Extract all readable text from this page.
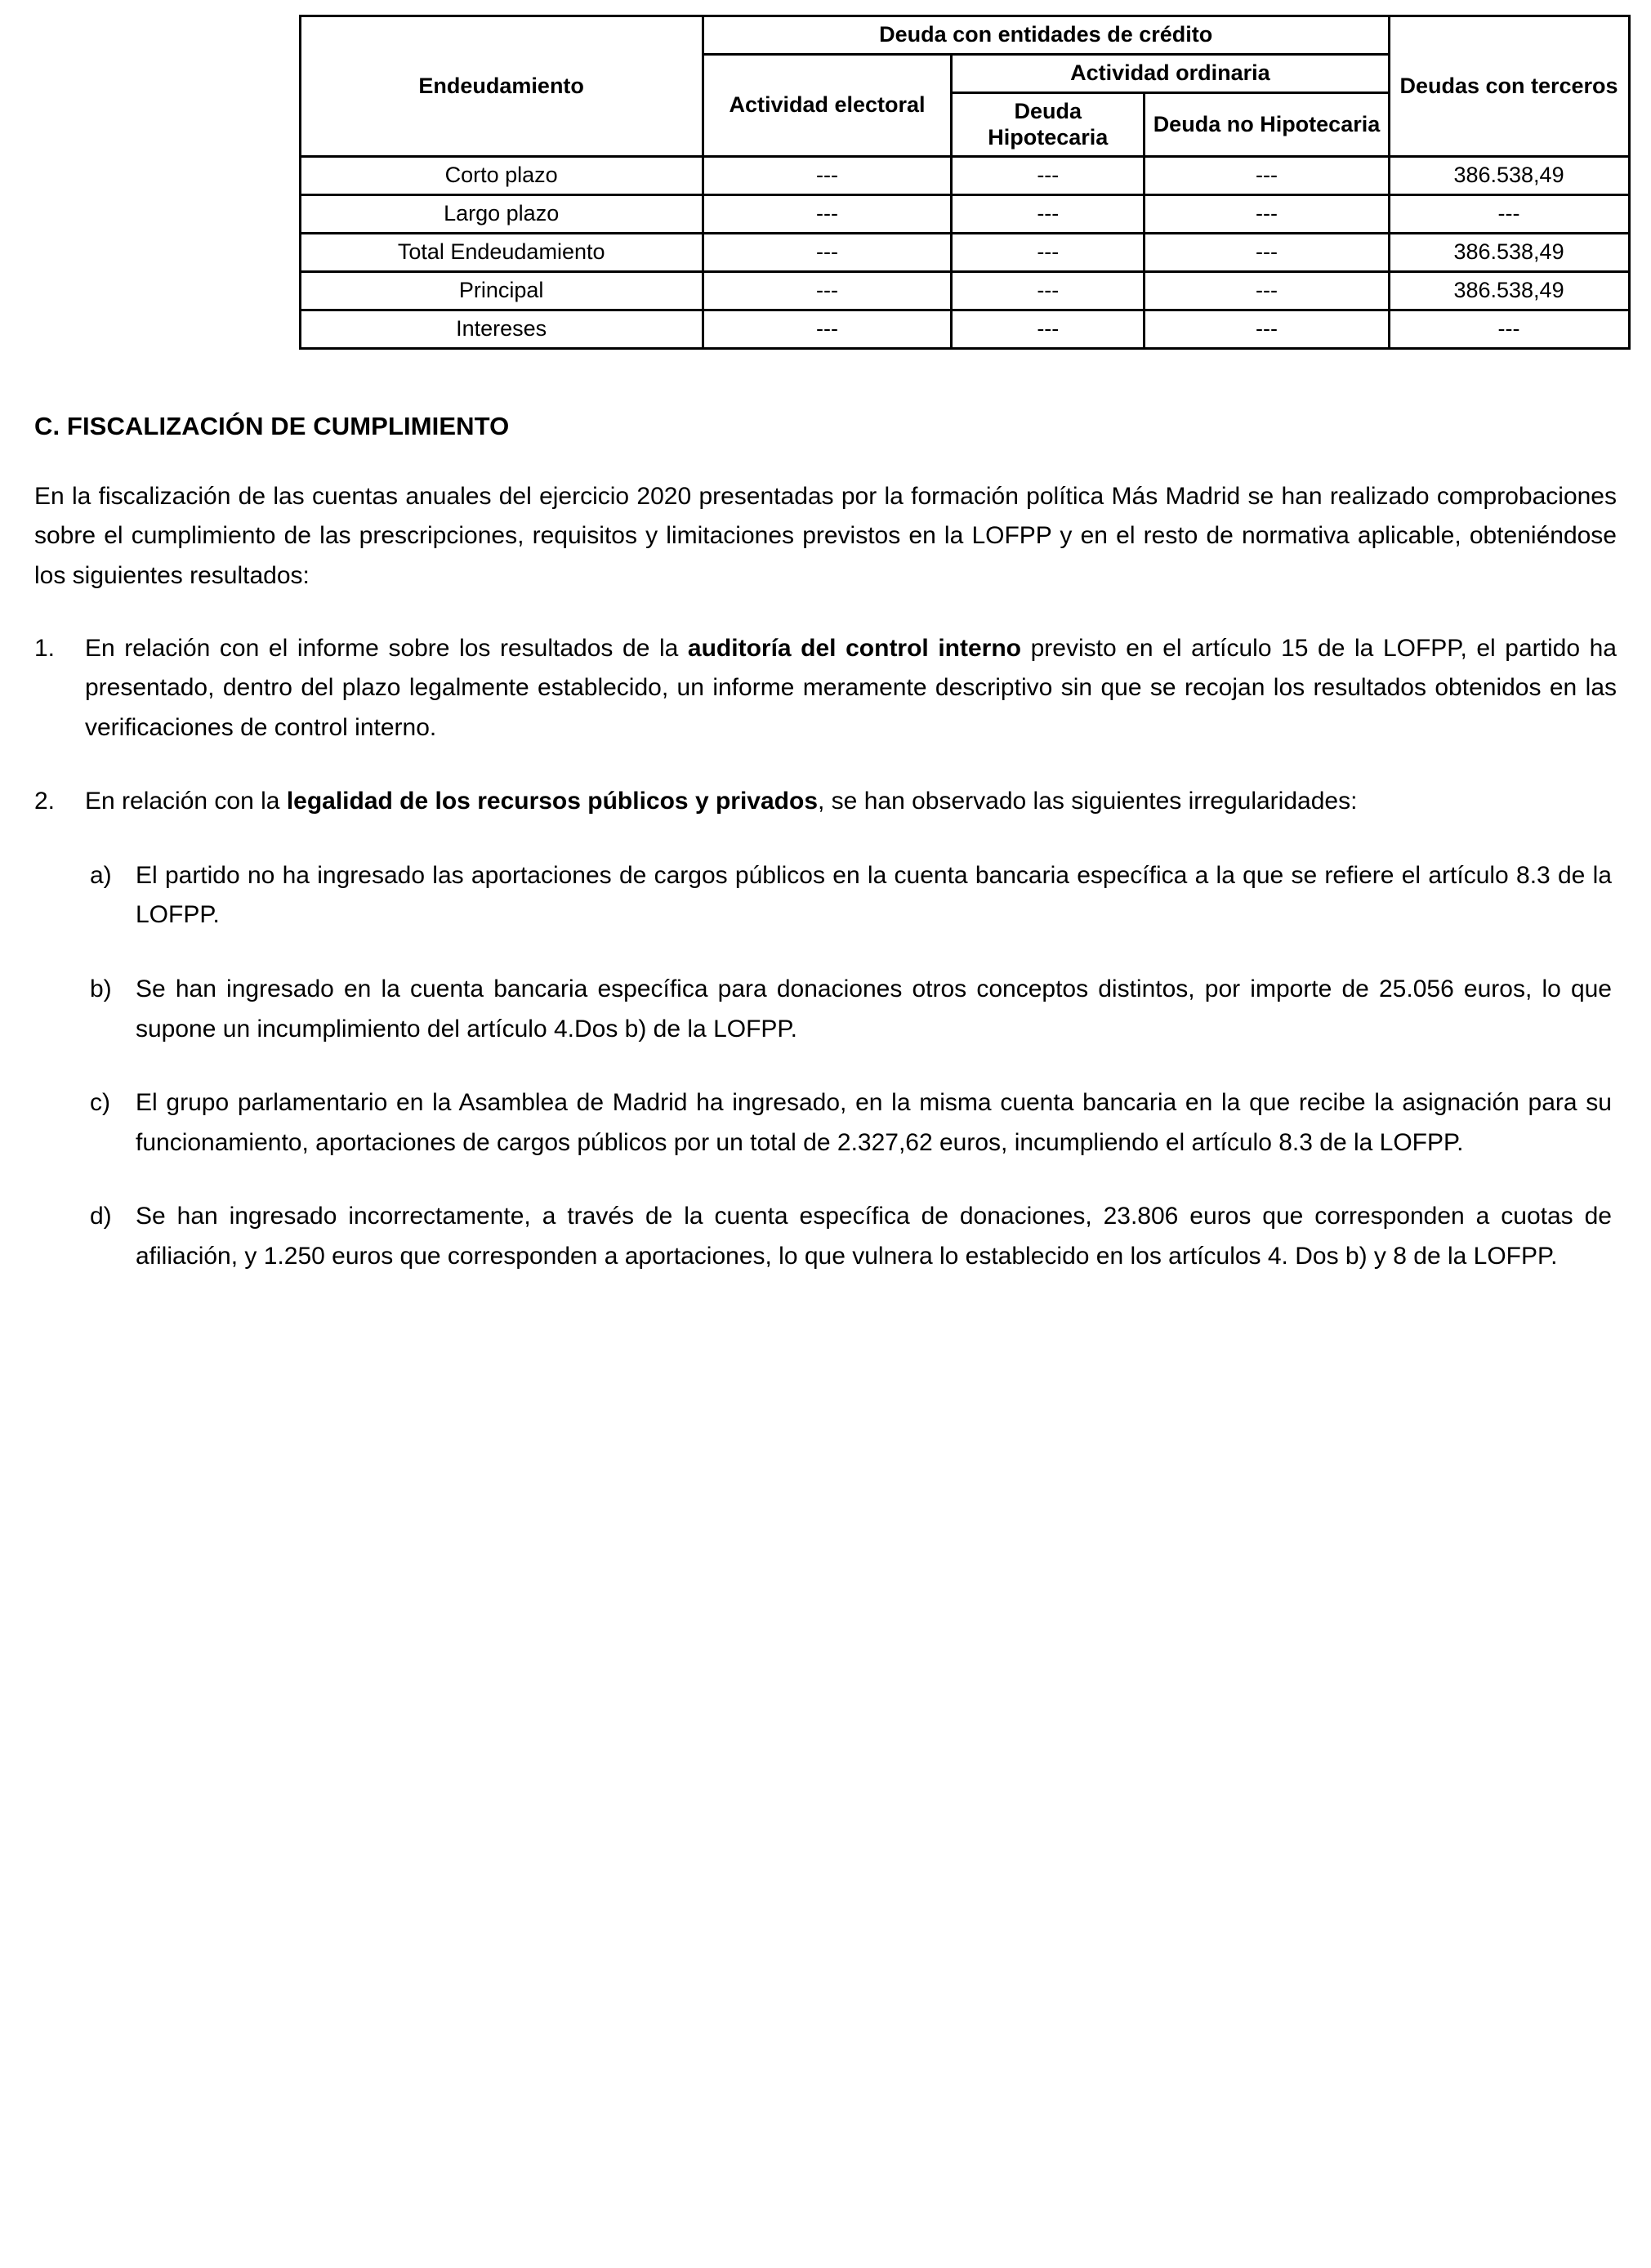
Endeudamiento	Deuda con entidades de crédito			Deudas con terceros
	Actividad electoral	Actividad ordinaria		
		Deuda Hipotecaria	Deuda no Hipotecaria	
Corto plazo	---	---	---	386.538,49
Largo plazo	---	---	---	---
Total Endeudamiento	---	---	---	386.538,49
Principal	---	---	---	386.538,49
Intereses	---	---	---	---
C. FISCALIZACIÓN DE CUMPLIMIENTO

En la fiscalización de las cuentas anuales del ejercicio 2020 presentadas por la formación política Más Madrid se han realizado comprobaciones sobre el cumplimiento de las prescripciones, requisitos y limitaciones previstos en la LOFPP y en el resto de normativa aplicable, obteniéndose los siguientes resultados:

1.	En relación con el informe sobre los resultados de la auditoría del control interno previsto en el artículo 15 de la LOFPP, el partido ha presentado, dentro del plazo legalmente establecido, un informe meramente descriptivo sin que se recojan los resultados obtenidos en las verificaciones de control interno.
2.	En relación con la legalidad de los recursos públicos y privados, se han observado las siguientes irregularidades:
a) El partido no ha ingresado las aportaciones de cargos públicos en la cuenta bancaria específica a la que se refiere el artículo 8.3 de la LOFPP.
b) Se han ingresado en la cuenta bancaria específica para donaciones otros conceptos distintos, por importe de 25.056 euros, lo que supone un incumplimiento del artículo 4.Dos b) de la LOFPP.
c)	El grupo parlamentario en la Asamblea de Madrid ha ingresado, en la misma cuenta bancaria en la que recibe la asignación para su funcionamiento, aportaciones de cargos públicos por un total de 2.327,62 euros, incumpliendo el artículo 8.3 de la LOFPP.
d) Se han ingresado incorrectamente, a través de la cuenta específica de donaciones, 23.806 euros que corresponden a cuotas de afiliación, y 1.250 euros que corresponden a aportaciones, lo que vulnera lo establecido en los artículos 4. Dos b) y 8 de la LOFPP.
